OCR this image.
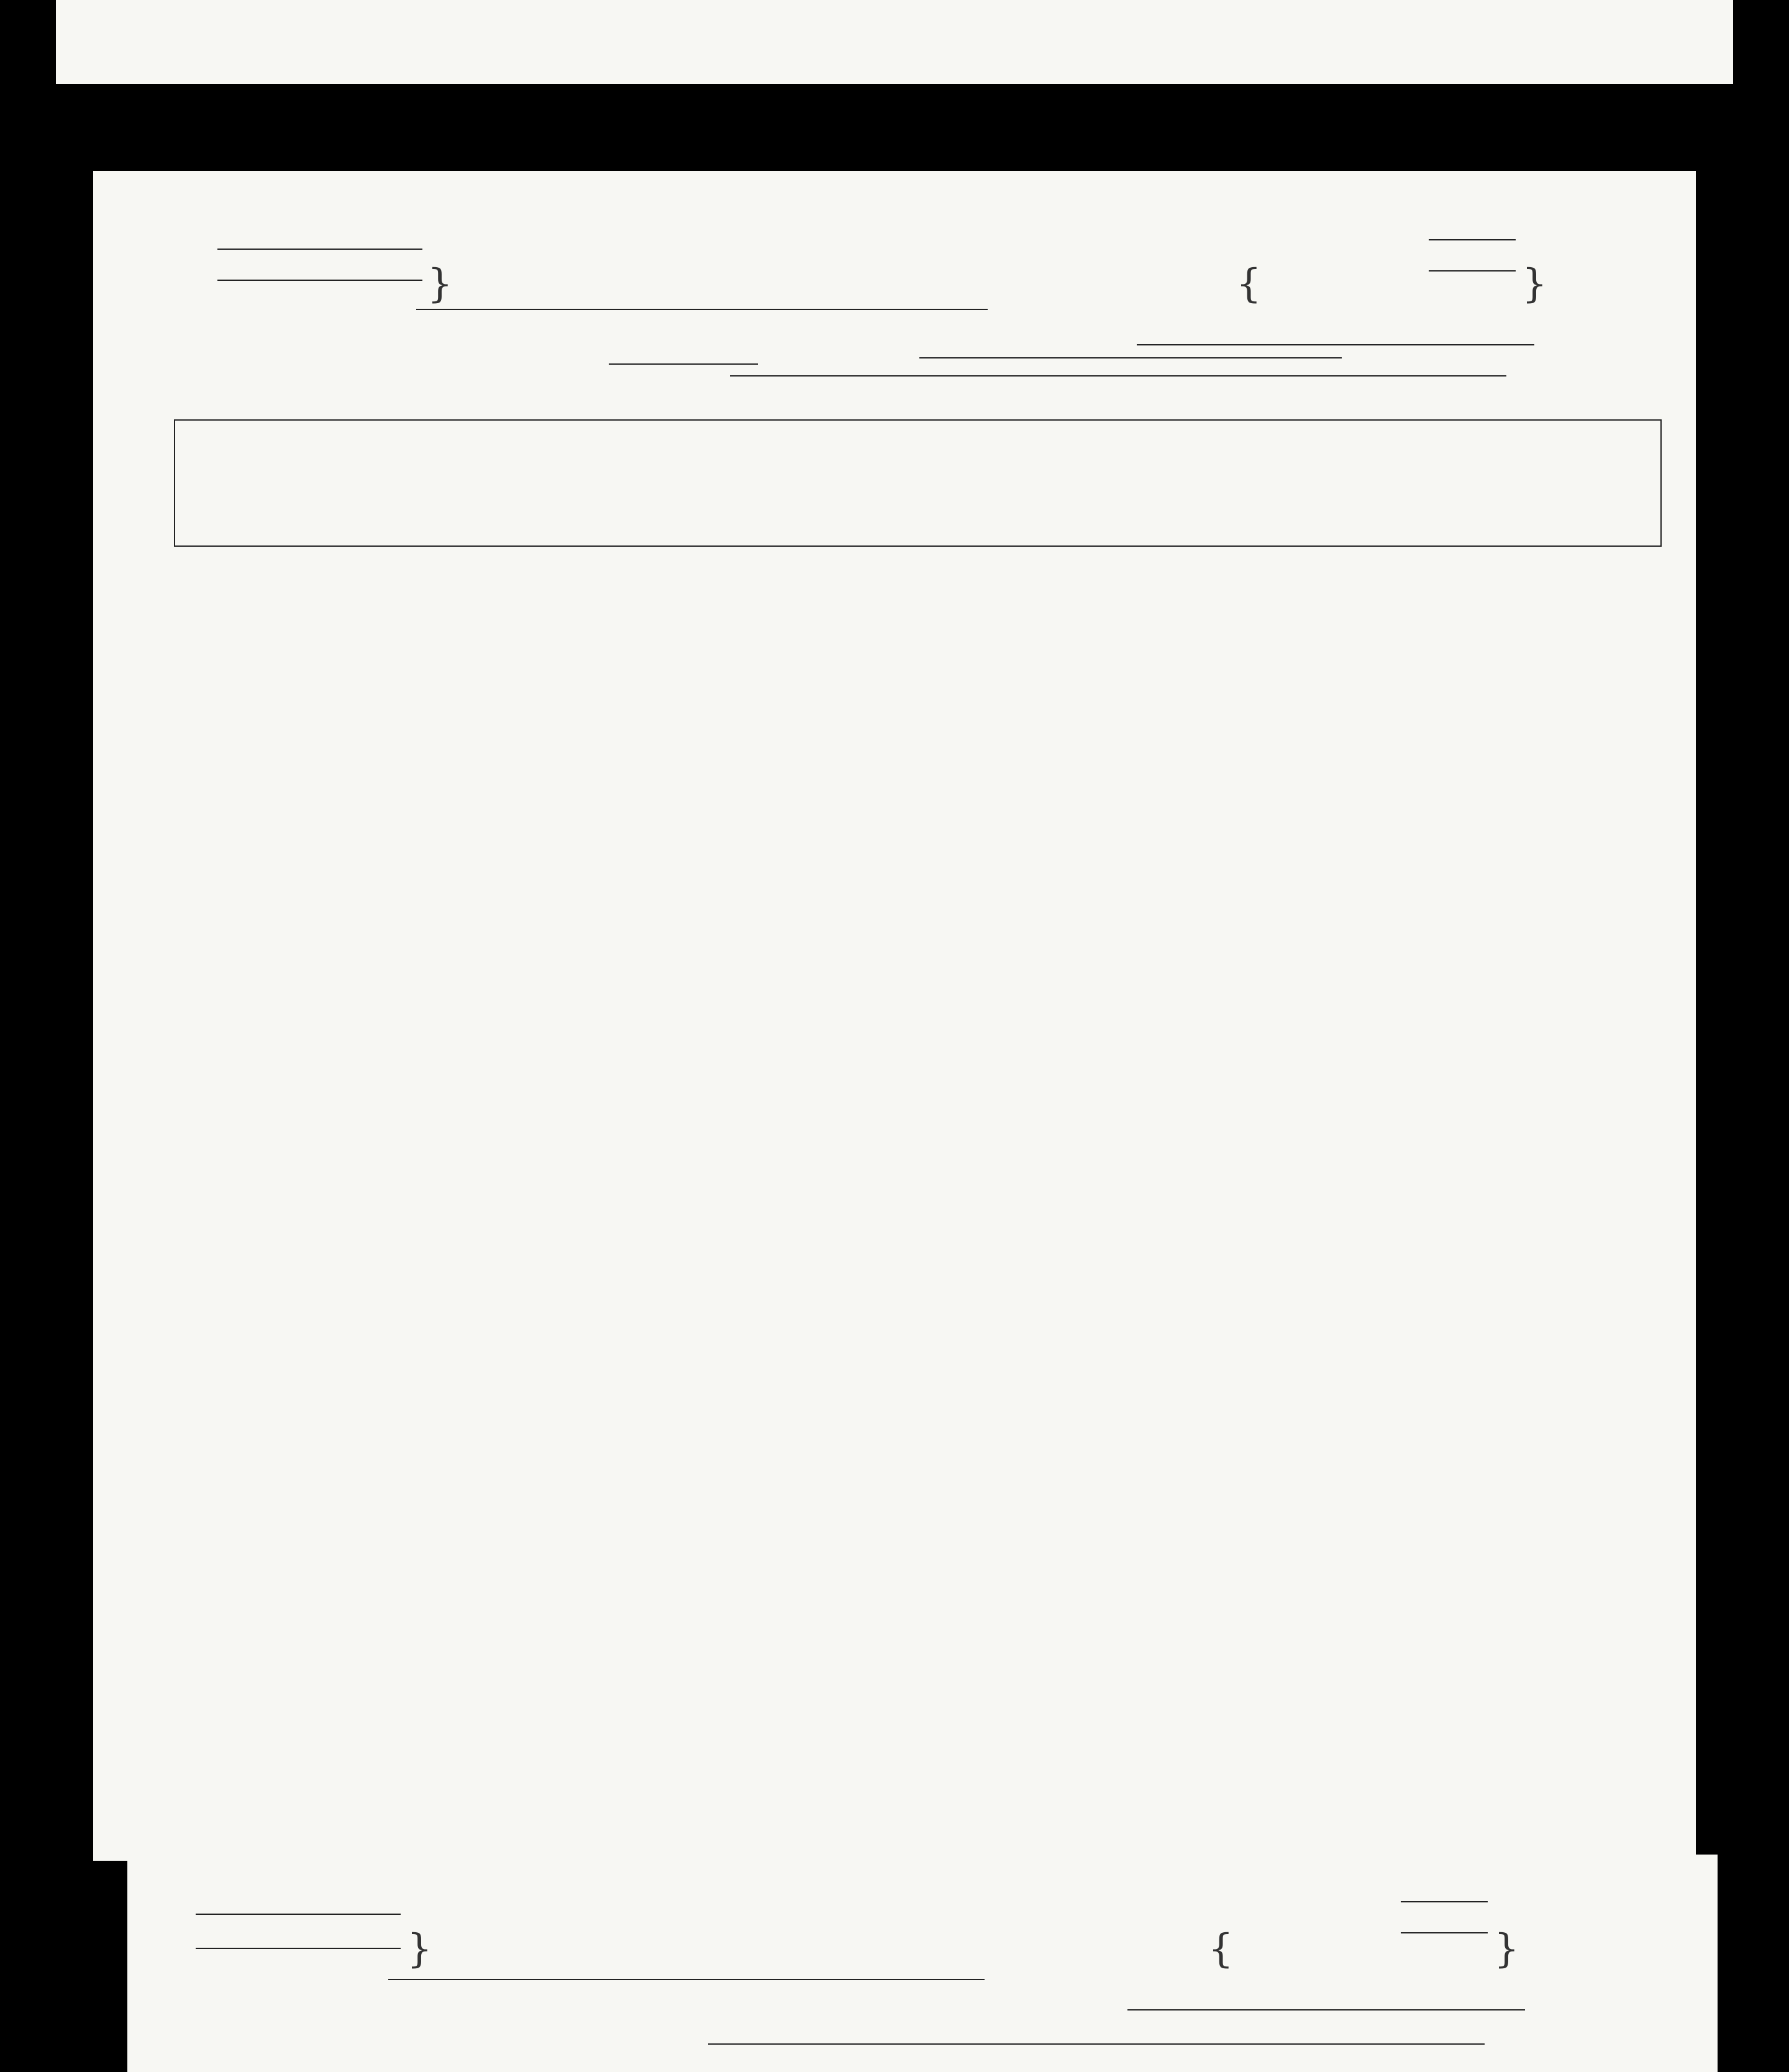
}	{	}
}	{	}
